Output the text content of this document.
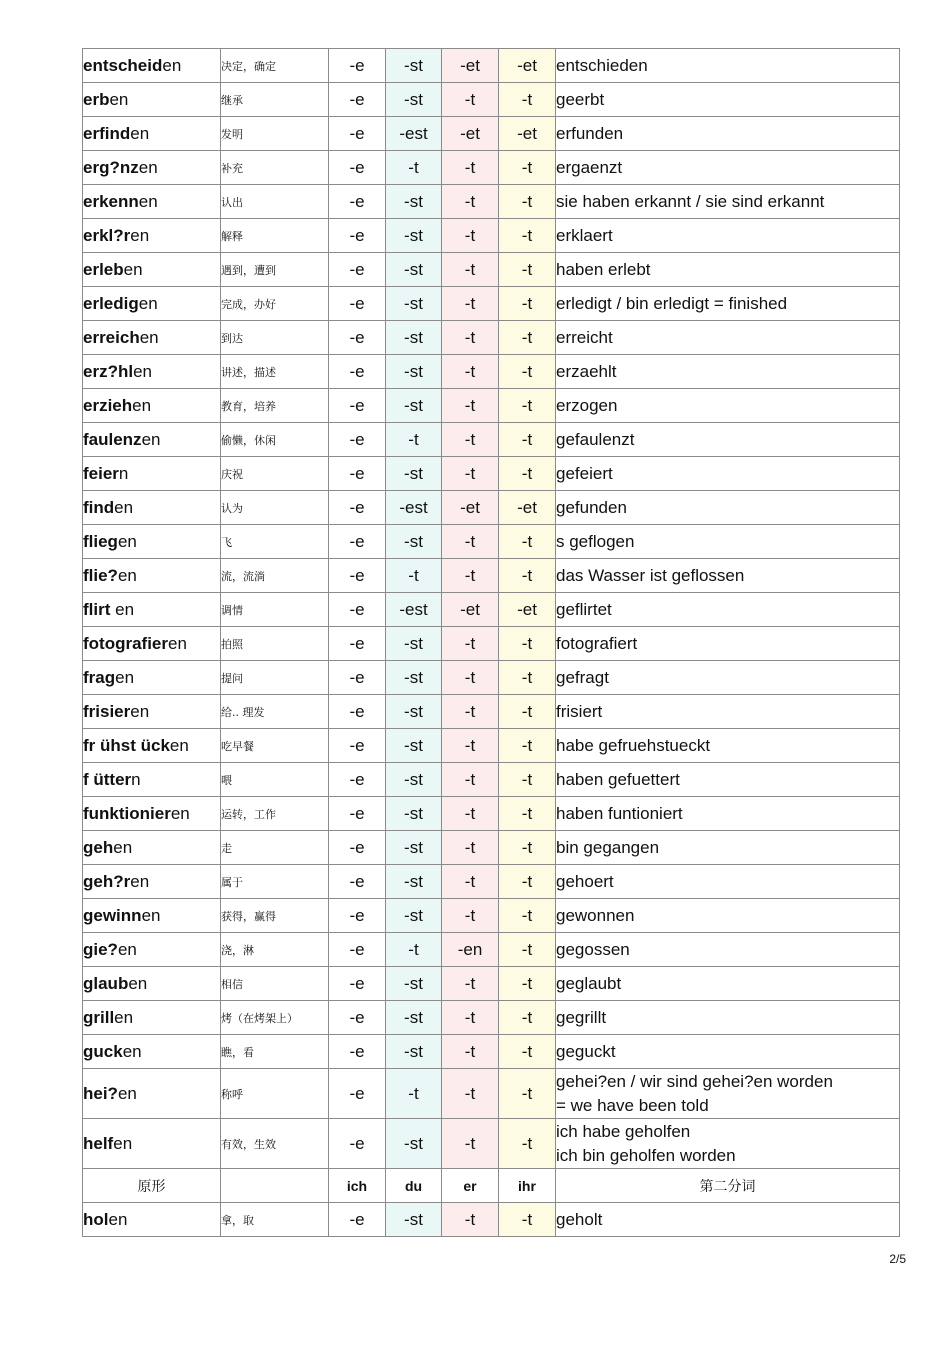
entscheiden	决定，确定	-e	-st	-et	-et	entschieden

erben	继承	-e	-st	-t	-t	geerbt

erfinden	发明	-e	-est	-et	-et	erfunden

erg?nzen	补充	-e	-t	-t	-t	ergaenzt

erkennen	认出	-e	-st	-t	-t	sie haben erkannt / sie sind erkannt

erkl?ren	解释	-e	-st	-t	-t	erklaert

erleben	遇到，遭到	-e	-st	-t	-t	haben erlebt

erledigen	完成，办好	-e	-st	-t	-t	erledigt / bin erledigt = finished

erreichen	到达	-e	-st	-t	-t	erreicht

erz?hlen	讲述，描述	-e	-st	-t	-t	erzaehlt

erziehen	教育，培养	-e	-st	-t	-t	erzogen

faulenzen	偷懒，休闲	-e	-t	-t	-t	gefaulenzt

feiern	庆祝	-e	-st	-t	-t	gefeiert

finden	认为	-e	-est	-et	-et	gefunden

fliegen	飞	-e	-st	-t	-t	s geflogen

flie?en	流，流淌	-e	-t	-t	-t	das Wasser ist geflossen

flirt en	调情	-e	-est	-et	-et	geflirtet

fotografieren	拍照	-e	-st	-t	-t	fotografiert

fragen	提问	-e	-st	-t	-t	gefragt

frisieren	给.. 理发	-e	-st	-t	-t	frisiert

fr ühst ücken	吃早餐	-e	-st	-t	-t	habe gefruehstueckt

f üttern	喂	-e	-st	-t	-t	haben gefuettert

funktionieren	运转，工作	-e	-st	-t	-t	haben funtioniert

gehen	走	-e	-st	-t	-t	bin gegangen

geh?ren	属于	-e	-st	-t	-t	gehoert

gewinnen	获得，赢得	-e	-st	-t	-t	gewonnen

gie?en	浇，淋	-e	-t	-en	-t	gegossen

glauben	相信	-e	-st	-t	-t	geglaubt

grillen	烤（在烤架上）	-e	-st	-t	-t	gegrillt

gucken	瞧，看	-e	-st	-t	-t	geguckt

hei?en	称呼	-e	-t	-t	-t	gehei?en / wir sind gehei?en worden
= we have been told

helfen	有效，生效	-e	-st	-t	-t	ich habe geholfen
ich bin geholfen worden

原形		ich	du	er	ihr	第二分词
holen	拿，取	-e	-st	-t	-t	geholt
2/5
